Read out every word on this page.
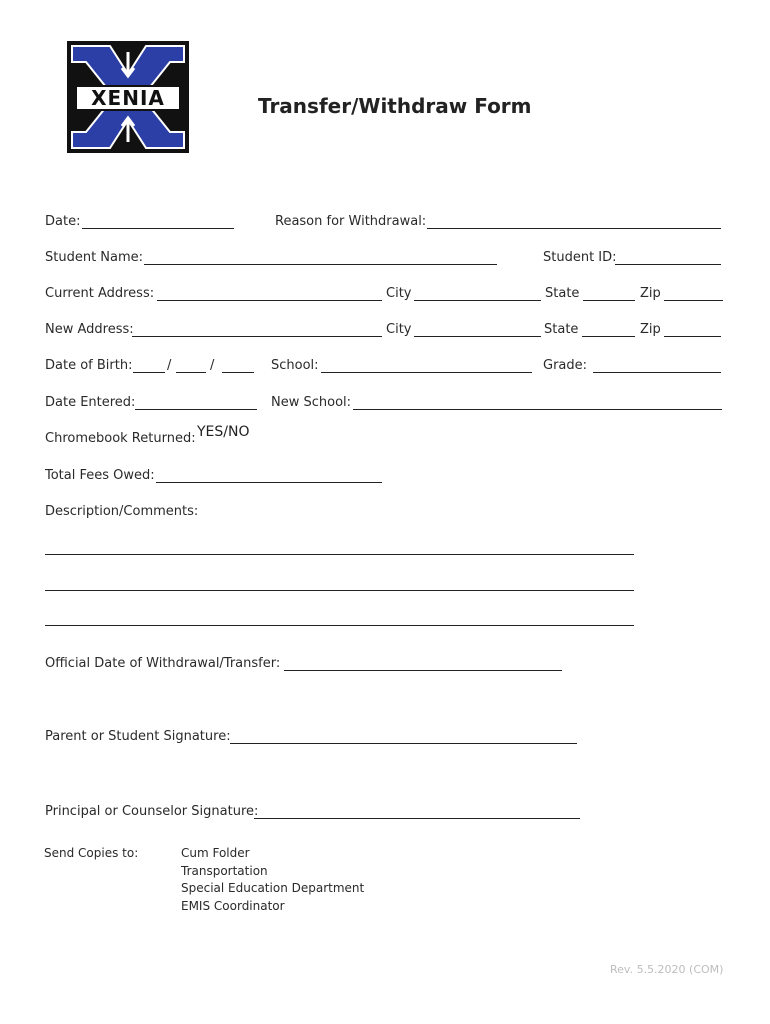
XENIA	Transfer/Withdraw Form
Date:	Reason for Withdrawal:
Student Name:	Student ID:
Current Address:	City	State	Zip
New Address:	City	State	Zip
Date of Birth:	/	/	School:	Grade:
Date Entered:	New School:
Chromebook Returned: YES/NO
Total Fees Owed:
Description/Comments:
Official Date of Withdrawal/Transfer:
Parent or Student Signature:
Principal or Counselor Signature:
Send Copies to:	Cum Folder
Transportation
Special Education Department
EMIS Coordinator
Rev. 5.5.2020 (COM)
